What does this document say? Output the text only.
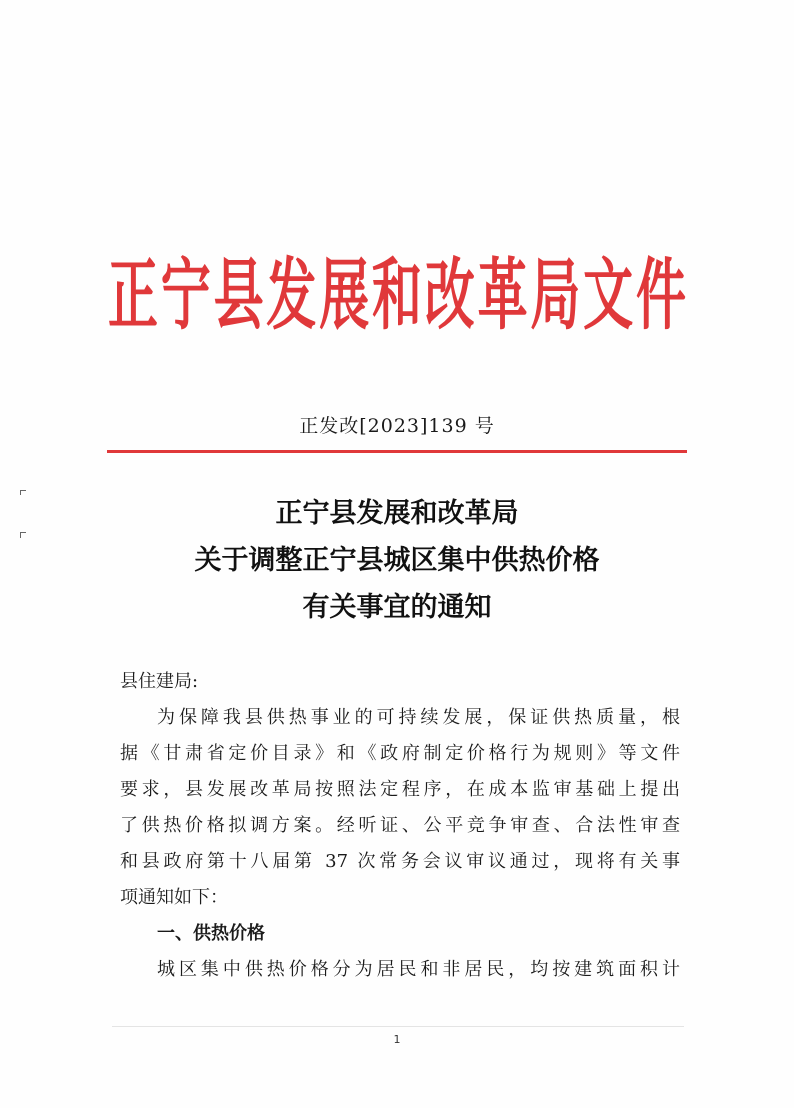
正 宁 县 发 展 和 改 革 局 文 件
正发改[2023]139 号
正宁县发展和改革局
关于调整正宁县城区集中供热价格
有关事宜的通知
县住建局:
为保障我县供热事业的可持续发展，保证供热质量，根
据《甘肃省定价目录》和《政府制定价格行为规则》等文件
要求，县发展改革局按照法定程序，在成本监审基础上提出
了供热价格拟调方案。经听证、公平竞争审查、合法性审查
和县政府第十八届第 37 次常务会议审议通过，现将有关事
项通知如下：
一、供热价格
城区集中供热价格分为居民和非居民，均按建筑面积计
1
